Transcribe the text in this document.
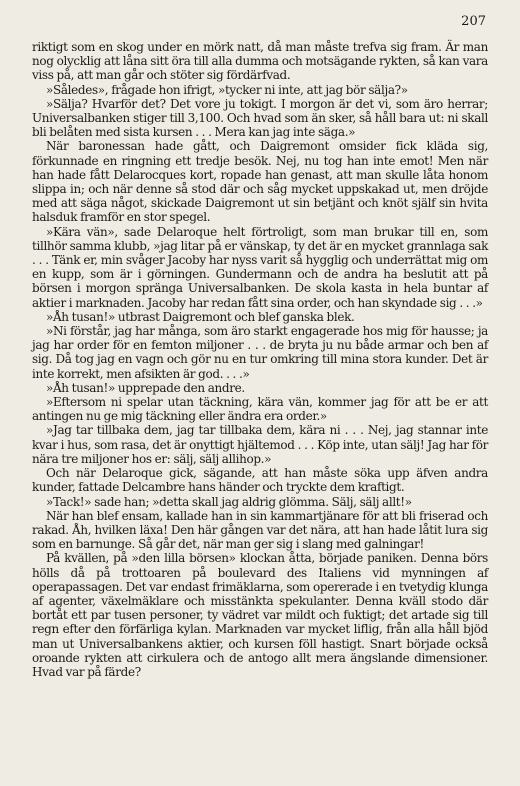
207

riktigt som en skog under en mörk natt, då man måste trefva sig fram. Är man nog olycklig att låna sitt öra till alla dumma och motsägande rykten, så kan vara viss på, att man går och stöter sig fördärfvad.

»Således», frågade hon ifrigt, »tycker ni inte, att jag bör sälja?»

»Sälja? Hvarför det? Det vore ju tokigt. I morgon är det vi, som äro herrar; Universalbanken stiger till 3,100. Och hvad som än sker, så håll bara ut: ni skall bli belåten med sista kursen . . . Mera kan jag inte säga.»

När baronessan hade gått, och Daigremont omsider fick kläda sig, förkunnade en ringning ett tredje besök. Nej, nu tog han inte emot! Men när han hade fått Delarocques kort, ropade han genast, att man skulle låta honom slippa in; och när denne så stod där och såg mycket uppskakad ut, men dröjde med att säga något, skickade Daigremont ut sin betjänt och knöt själf sin hvita halsduk framför en stor spegel.

»Kära vän», sade Delaroque helt förtroligt, som man brukar till en, som tillhör samma klubb, »jag litar på er vänskap, ty det är en mycket grannlaga sak . . . Tänk er, min svåger Jacoby har nyss varit så hygglig och underrättat mig om en kupp, som är i görningen. Gundermann och de andra ha beslutit att på börsen i morgon spränga Universalbanken. De skola kasta in hela buntar af aktier i marknaden. Jacoby har redan fått sina order, och han skyndade sig . . .»

»Åh tusan!» utbrast Daigremont och blef ganska blek.

»Ni förstår, jag har många, som äro starkt engagerade hos mig för hausse; ja jag har order för en femton miljoner . . . de bryta ju nu både armar och ben af sig. Då tog jag en vagn och gör nu en tur omkring till mina stora kunder. Det är inte korrekt, men afsikten är god. . . .»

»Åh tusan!» upprepade den andre.

»Eftersom ni spelar utan täckning, kära vän, kommer jag för att be er att antingen nu ge mig täckning eller ändra era order.»

»Jag tar tillbaka dem, jag tar tillbaka dem, kära ni . . . Nej, jag stannar inte kvar i hus, som rasa, det är onyttigt hjältemod . . . Köp inte, utan sälj! Jag har för nära tre miljoner hos er: sälj, sälj allihop.»

Och när Delaroque gick, sägande, att han måste söka upp äfven andra kunder, fattade Delcambre hans händer och tryckte dem kraftigt.

»Tack!» sade han; »detta skall jag aldrig glömma. Sälj, sälj allt!»

När han blef ensam, kallade han in sin kammartjänare för att bli friserad och rakad. Åh, hvilken läxa! Den här gången var det nära, att han hade låtit lura sig som en barnunge. Så går det, när man ger sig i slang med galningar!

På kvällen, på »den lilla börsen» klockan åtta, började paniken. Denna börs hölls då på trottoaren på boulevard des Italiens vid mynningen af operapassagen. Det var endast frimäklarna, som opererade i en tvetydig klunga af agenter, växelmäklare och misstänkta spekulanter. Denna kväll stodo där bortåt ett par tusen personer, ty vädret var mildt och fuktigt; det artade sig till regn efter den förfärliga kylan. Marknaden var mycket liflig, från alla håll bjöd man ut Universalbankens aktier, och kursen föll hastigt. Snart började också oroande rykten att cirkulera och de antogo allt mera ängslande dimensioner. Hvad var på färde?
